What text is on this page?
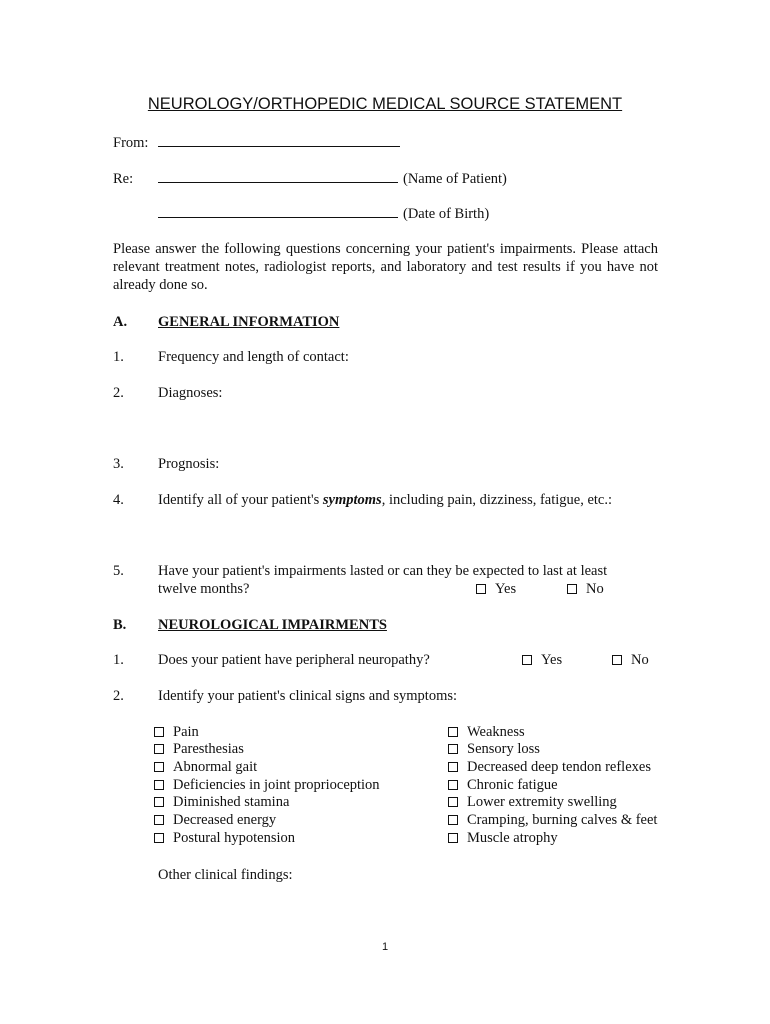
NEUROLOGY/ORTHOPEDIC MEDICAL SOURCE STATEMENT
From:
Re:	(Name of Patient)
(Date of Birth)
Please answer the following questions concerning your patient's impairments. Please attach relevant treatment notes, radiologist reports, and laboratory and test results if you have not already done so.
A. GENERAL INFORMATION
1. Frequency and length of contact:
2. Diagnoses:
3. Prognosis:
4. Identify all of your patient's symptoms, including pain, dizziness, fatigue, etc.:
5. Have your patient's impairments lasted or can they be expected to last at least
twelve months?	Yes	No
B. NEUROLOGICAL IMPAIRMENTS
1. Does your patient have peripheral neuropathy?	Yes	No
2. Identify your patient's clinical signs and symptoms:
Pain
Paresthesias
Abnormal gait
Deficiencies in joint proprioception
Diminished stamina
Decreased energy
Postural hypotension
Weakness
Sensory loss
Decreased deep tendon reflexes
Chronic fatigue
Lower extremity swelling
Cramping, burning calves & feet
Muscle atrophy
Other clinical findings:
1
